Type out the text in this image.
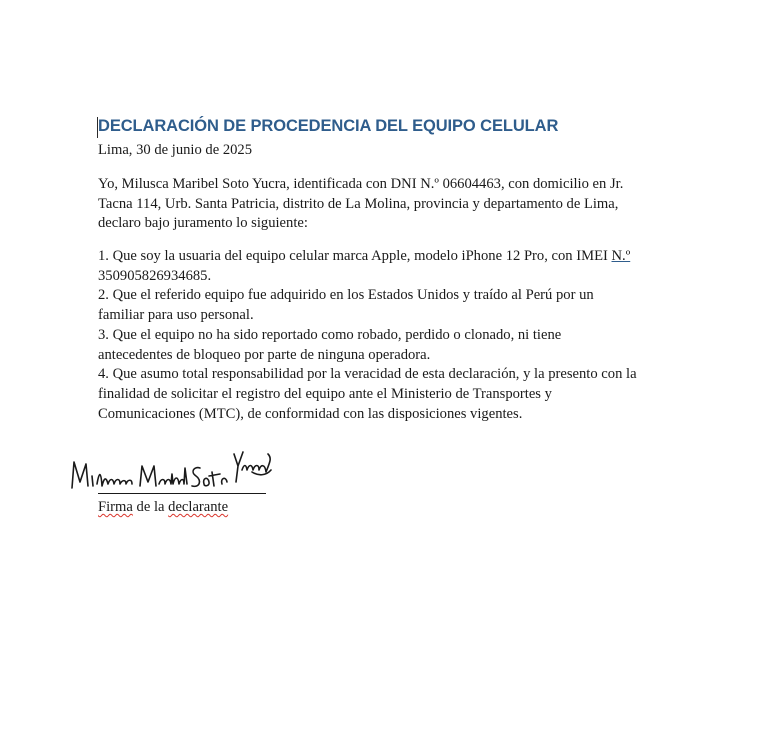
DECLARACIÓN DE PROCEDENCIA DEL EQUIPO CELULAR
Lima, 30 de junio de 2025

Yo, Milusca Maribel Soto Yucra, identificada con DNI N.º 06604463, con domicilio en Jr.

Tacna 114, Urb. Santa Patricia, distrito de La Molina, provincia y departamento de Lima,

declaro bajo juramento lo siguiente:

1. Que soy la usuaria del equipo celular marca Apple, modelo iPhone 12 Pro, con IMEI N.º

350905826934685.

2. Que el referido equipo fue adquirido en los Estados Unidos y traído al Perú por un

familiar para uso personal.

3. Que el equipo no ha sido reportado como robado, perdido o clonado, ni tiene

antecedentes de bloqueo por parte de ninguna operadora.

4. Que asumo total responsabilidad por la veracidad de esta declaración, y la presento con la

finalidad de solicitar el registro del equipo ante el Ministerio de Transportes y

Comunicaciones (MTC), de conformidad con las disposiciones vigentes.

Firma de la declarante
